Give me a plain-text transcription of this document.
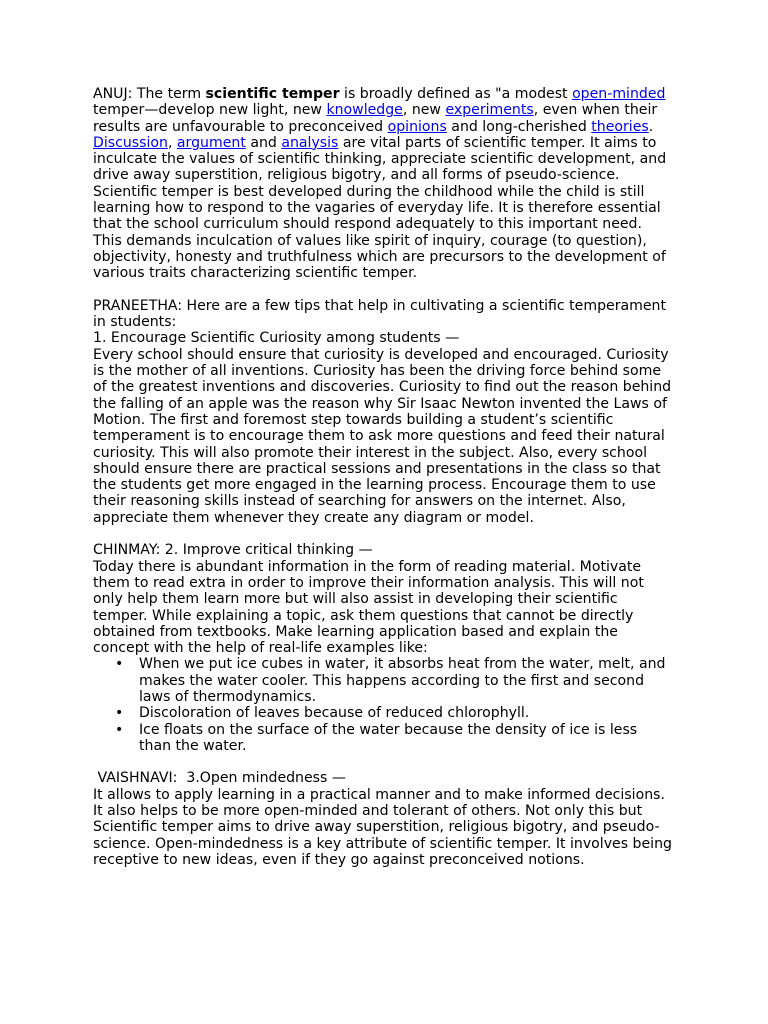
ANUJ: The term scientific temper is broadly defined as "a modest open-minded temper—develop new light, new knowledge, new experiments, even when their results are unfavourable to preconceived opinions and long-cherished theories. Discussion, argument and analysis are vital parts of scientific temper. It aims to inculcate the values of scientific thinking, appreciate scientific development, and drive away superstition, religious bigotry, and all forms of pseudo-science. Scientific temper is best developed during the childhood while the child is still learning how to respond to the vagaries of everyday life. It is therefore essential that the school curriculum should respond adequately to this important need. This demands inculcation of values like spirit of inquiry, courage (to question), objectivity, honesty and truthfulness which are precursors to the development of various traits characterizing scientific temper.

PRANEETHA: Here are a few tips that help in cultivating a scientific temperament in students:

1. Encourage Scientific Curiosity among students —

Every school should ensure that curiosity is developed and encouraged. Curiosity is the mother of all inventions. Curiosity has been the driving force behind some of the greatest inventions and discoveries. Curiosity to find out the reason behind the falling of an apple was the reason why Sir Isaac Newton invented the Laws of Motion. The first and foremost step towards building a student’s scientific temperament is to encourage them to ask more questions and feed their natural curiosity. This will also promote their interest in the subject. Also, every school should ensure there are practical sessions and presentations in the class so that the students get more engaged in the learning process. Encourage them to use their reasoning skills instead of searching for answers on the internet. Also, appreciate them whenever they create any diagram or model.

CHINMAY: 2. Improve critical thinking —

Today there is abundant information in the form of reading material. Motivate them to read extra in order to improve their information analysis. This will not only help them learn more but will also assist in developing their scientific temper. While explaining a topic, ask them questions that cannot be directly obtained from textbooks. Make learning application based and explain the concept with the help of real-life examples like:

• When we put ice cubes in water, it absorbs heat from the water, melt, and makes the water cooler. This happens according to the first and second laws of thermodynamics.
• Discoloration of leaves because of reduced chlorophyll.
• Ice floats on the surface of the water because the density of ice is less than the water.

VAISHNAVI:  3.Open mindedness —

It allows to apply learning in a practical manner and to make informed decisions. It also helps to be more open-minded and tolerant of others. Not only this but Scientific temper aims to drive away superstition, religious bigotry, and pseudo-science. Open-mindedness is a key attribute of scientific temper. It involves being receptive to new ideas, even if they go against preconceived notions.
